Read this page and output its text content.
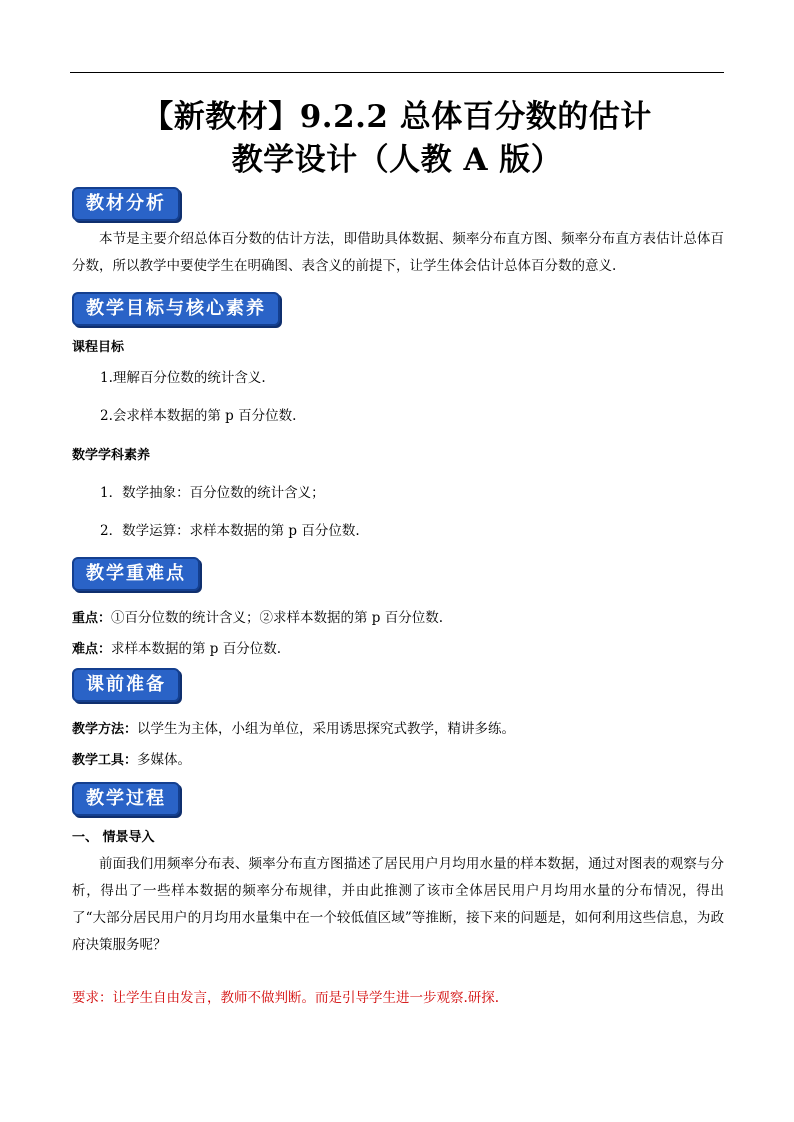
【新教材】9.2.2 总体百分数的估计
教学设计（人教 A 版）
教材分析
本节是主要介绍总体百分数的估计方法，即借助具体数据、频率分布直方图、频率分布直方表估计总体百分数，所以教学中要使学生在明确图、表含义的前提下，让学生体会估计总体百分数的意义.
教学目标与核心素养
课程目标
1.理解百分位数的统计含义.
2.会求样本数据的第 p 百分位数.
数学学科素养
1．数学抽象：百分位数的统计含义；
2．数学运算：求样本数据的第 p 百分位数.
教学重难点
重点：①百分位数的统计含义；②求样本数据的第 p 百分位数.
难点：求样本数据的第 p 百分位数.
课前准备
教学方法：以学生为主体，小组为单位，采用诱思探究式教学，精讲多练。
教学工具：多媒体。
教学过程
一、 情景导入
前面我们用频率分布表、频率分布直方图描述了居民用户月均用水量的样本数据，通过对图表的观察与分析，得出了一些样本数据的频率分布规律，并由此推测了该市全体居民用户月均用水量的分布情况，得出了“大部分居民用户的月均用水量集中在一个较低值区域”等推断，接下来的问题是，如何利用这些信息，为政府决策服务呢？
要求：让学生自由发言，教师不做判断。而是引导学生进一步观察.研探.
